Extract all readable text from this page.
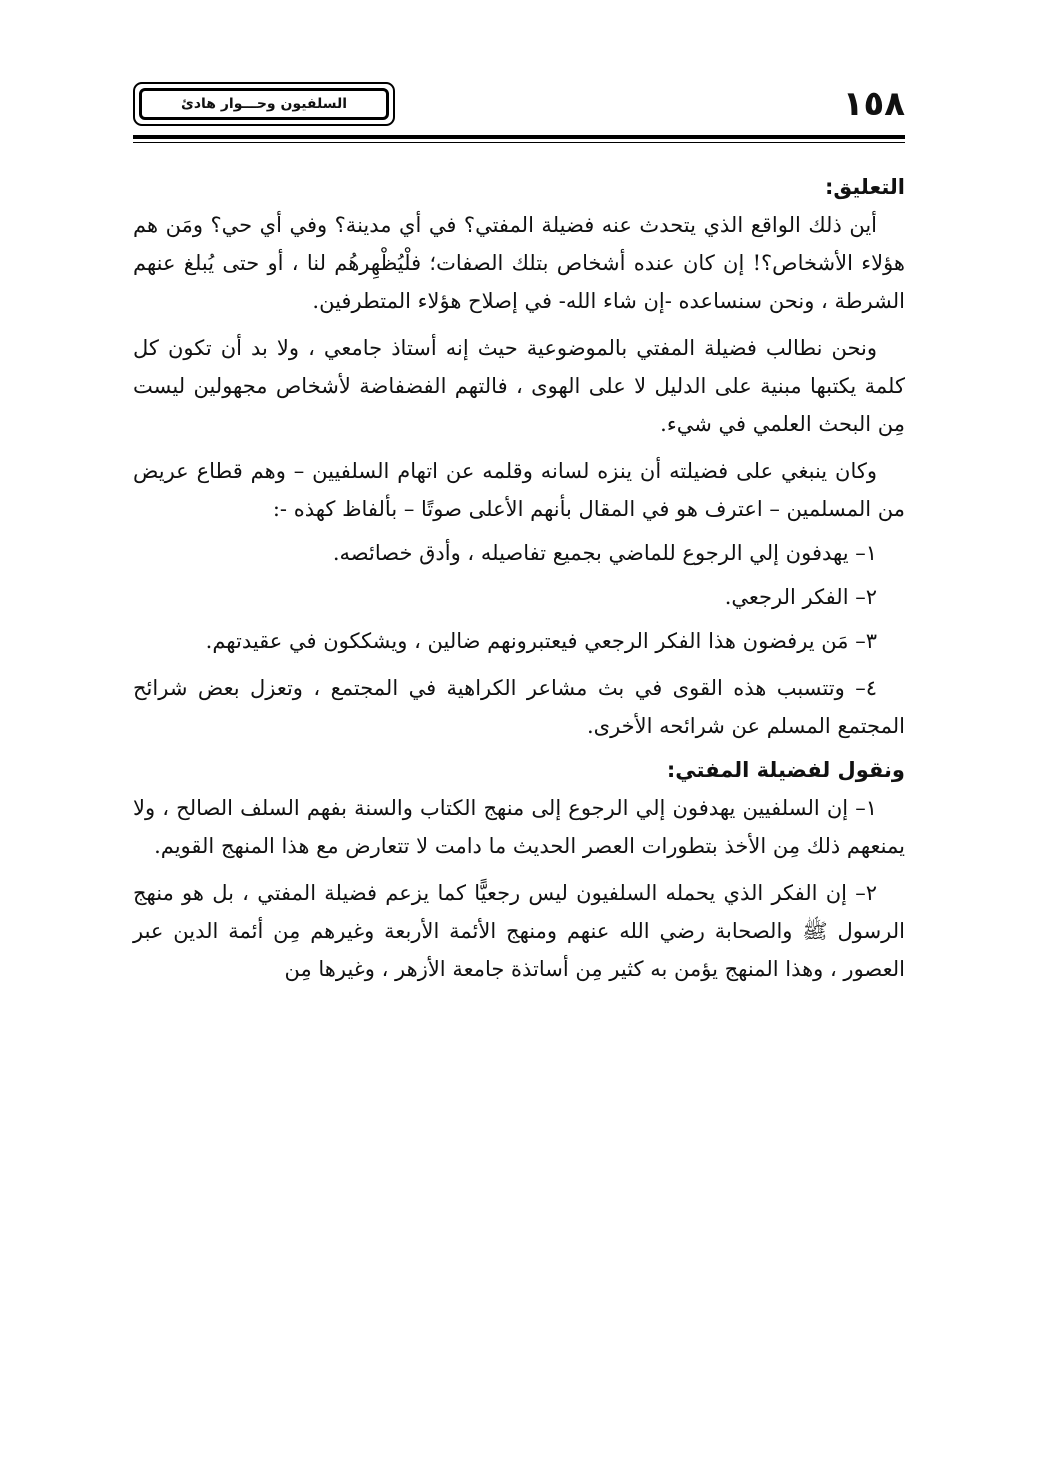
١٥٨
السلفيون وحـــوار هادئ
التعليق:

أين ذلك الواقع الذي يتحدث عنه فضيلة المفتي؟ في أي مدينة؟ وفي أي حي؟ ومَن هم هؤلاء الأشخاص؟! إن كان عنده أشخاص بتلك الصفات؛ فلْيُظْهِرهُم لنا ، أو حتى يُبلغ عنهم الشرطة ، ونحن سنساعده -إن شاء الله- في إصلاح هؤلاء المتطرفين.

ونحن نطالب فضيلة المفتي بالموضوعية حيث إنه أستاذ جامعي ، ولا بد أن تكون كل كلمة يكتبها مبنية على الدليل لا على الهوى ، فالتهم الفضفاضة لأشخاص مجهولين ليست مِن البحث العلمي في شيء.

وكان ينبغي على فضيلته أن ينزه لسانه وقلمه عن اتهام السلفيين – وهم قطاع عريض من المسلمين – اعترف هو في المقال بأنهم الأعلى صوتًا – بألفاظ كهذه -:

١– يهدفون إلي الرجوع للماضي بجميع تفاصيله ، وأدق خصائصه.

٢– الفكر الرجعي.

٣– مَن يرفضون هذا الفكر الرجعي فيعتبرونهم ضالين ، ويشككون في عقيدتهم.

٤– وتتسبب هذه القوى في بث مشاعر الكراهية في المجتمع ، وتعزل بعض شرائح المجتمع المسلم عن شرائحه الأخرى.

ونقول لفضيلة المفتي:

١– إن السلفيين يهدفون إلي الرجوع إلى منهج الكتاب والسنة بفهم السلف الصالح ، ولا يمنعهم ذلك مِن الأخذ بتطورات العصر الحديث ما دامت لا تتعارض مع هذا المنهج القويم.

٢– إن الفكر الذي يحمله السلفيون ليس رجعيًّا كما يزعم فضيلة المفتي ، بل هو منهج الرسول ﷺ والصحابة رضي الله عنهم ومنهج الأئمة الأربعة وغيرهم مِن أئمة الدين عبر العصور ، وهذا المنهج يؤمن به كثير مِن أساتذة جامعة الأزهر ، وغيرها مِن
